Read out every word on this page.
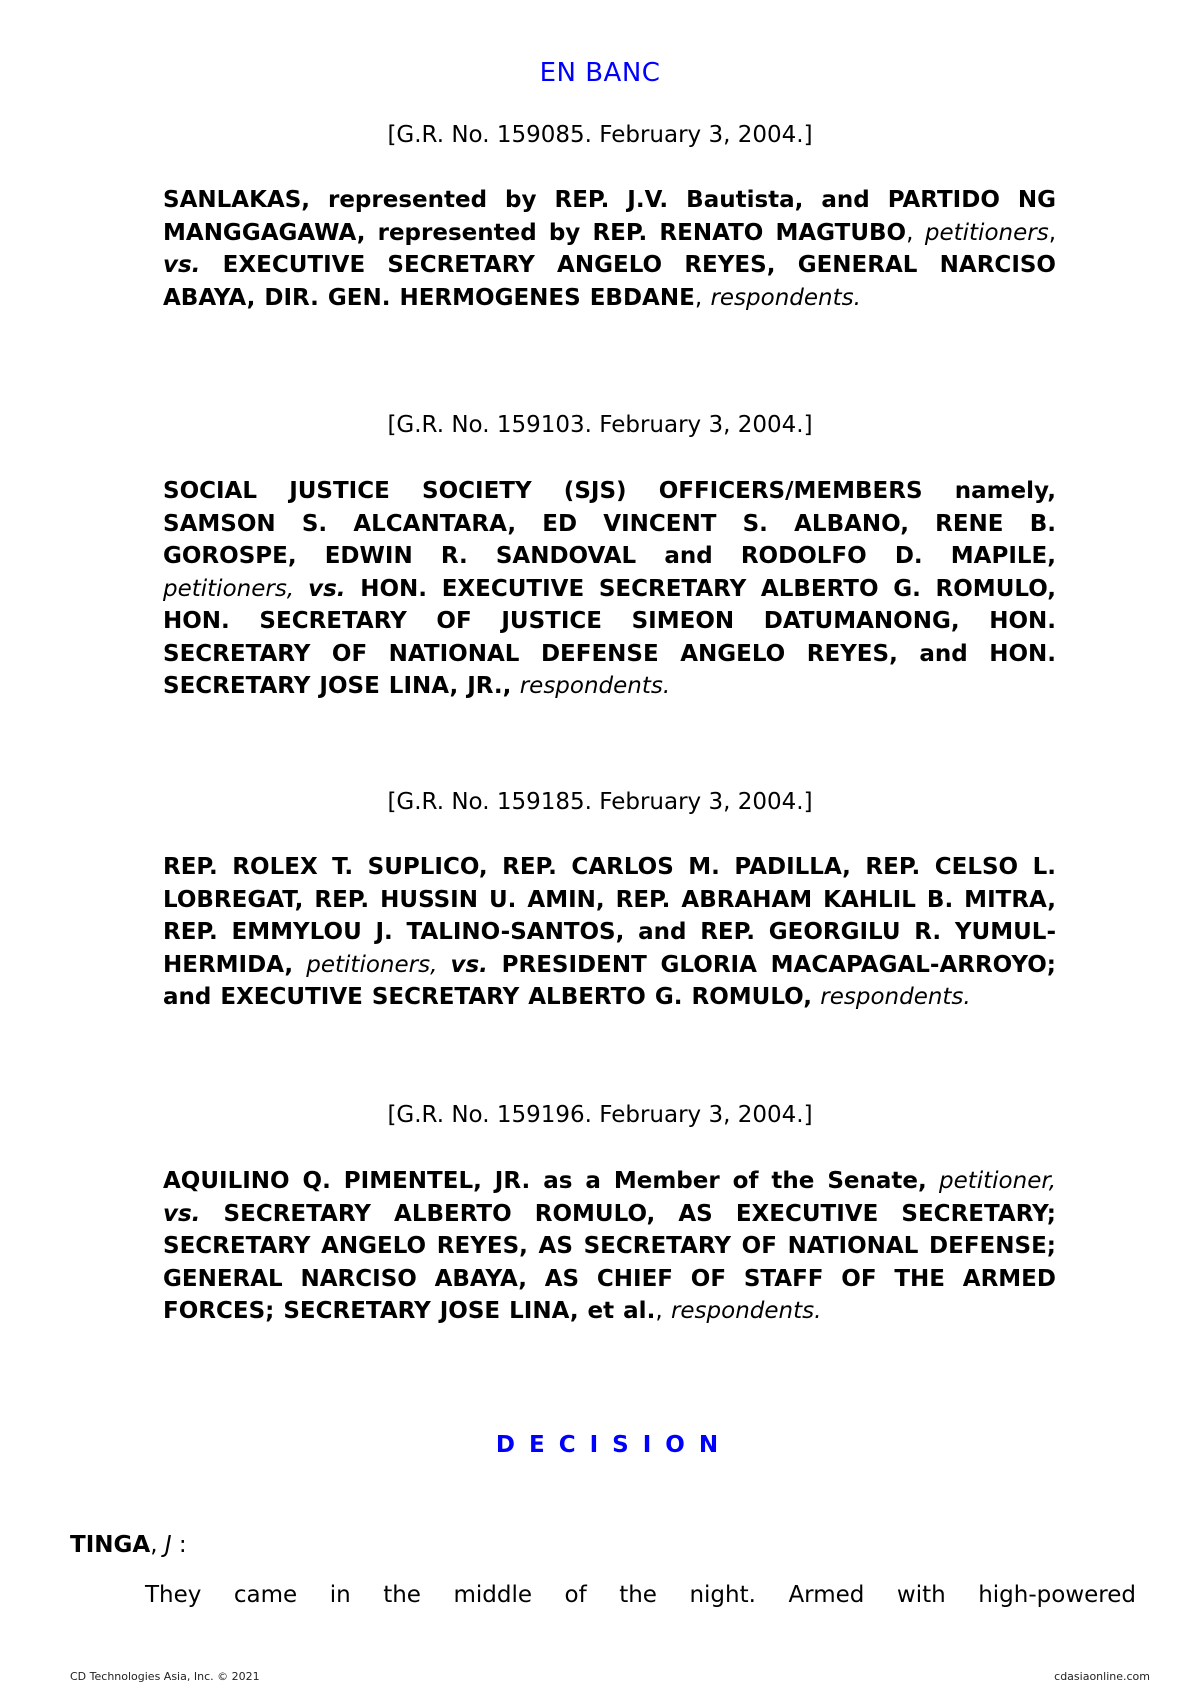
EN BANC
[G.R. No. 159085. February 3, 2004.]
SANLAKAS, represented by REP. J.V. Bautista, and PARTIDO NG MANGGAGAWA, represented by REP. RENATO MAGTUBO, petitioners, vs. EXECUTIVE SECRETARY ANGELO REYES, GENERAL NARCISO ABAYA, DIR. GEN. HERMOGENES EBDANE, respondents.
[G.R. No. 159103. February 3, 2004.]
SOCIAL JUSTICE SOCIETY (SJS) OFFICERS/MEMBERS namely, SAMSON S. ALCANTARA, ED VINCENT S. ALBANO, RENE B. GOROSPE, EDWIN R. SANDOVAL and RODOLFO D. MAPILE, petitioners, vs. HON. EXECUTIVE SECRETARY ALBERTO G. ROMULO, HON. SECRETARY OF JUSTICE SIMEON DATUMANONG, HON. SECRETARY OF NATIONAL DEFENSE ANGELO REYES, and HON. SECRETARY JOSE LINA, JR., respondents.
[G.R. No. 159185. February 3, 2004.]
REP. ROLEX T. SUPLICO, REP. CARLOS M. PADILLA, REP. CELSO L. LOBREGAT, REP. HUSSIN U. AMIN, REP. ABRAHAM KAHLIL B. MITRA, REP. EMMYLOU J. TALINO-SANTOS, and REP. GEORGILU R. YUMUL-HERMIDA, petitioners, vs. PRESIDENT GLORIA MACAPAGAL-ARROYO; and EXECUTIVE SECRETARY ALBERTO G. ROMULO, respondents.
[G.R. No. 159196. February 3, 2004.]
AQUILINO Q. PIMENTEL, JR. as a Member of the Senate, petitioner, vs. SECRETARY ALBERTO ROMULO, AS EXECUTIVE SECRETARY; SECRETARY ANGELO REYES, AS SECRETARY OF NATIONAL DEFENSE; GENERAL NARCISO ABAYA, AS CHIEF OF STAFF OF THE ARMED FORCES; SECRETARY JOSE LINA, et al., respondents.
DECISION
TINGA, J :
They came in the middle of the night. Armed with high-powered
CD Technologies Asia, Inc. © 2021	cdasiaonline.com
